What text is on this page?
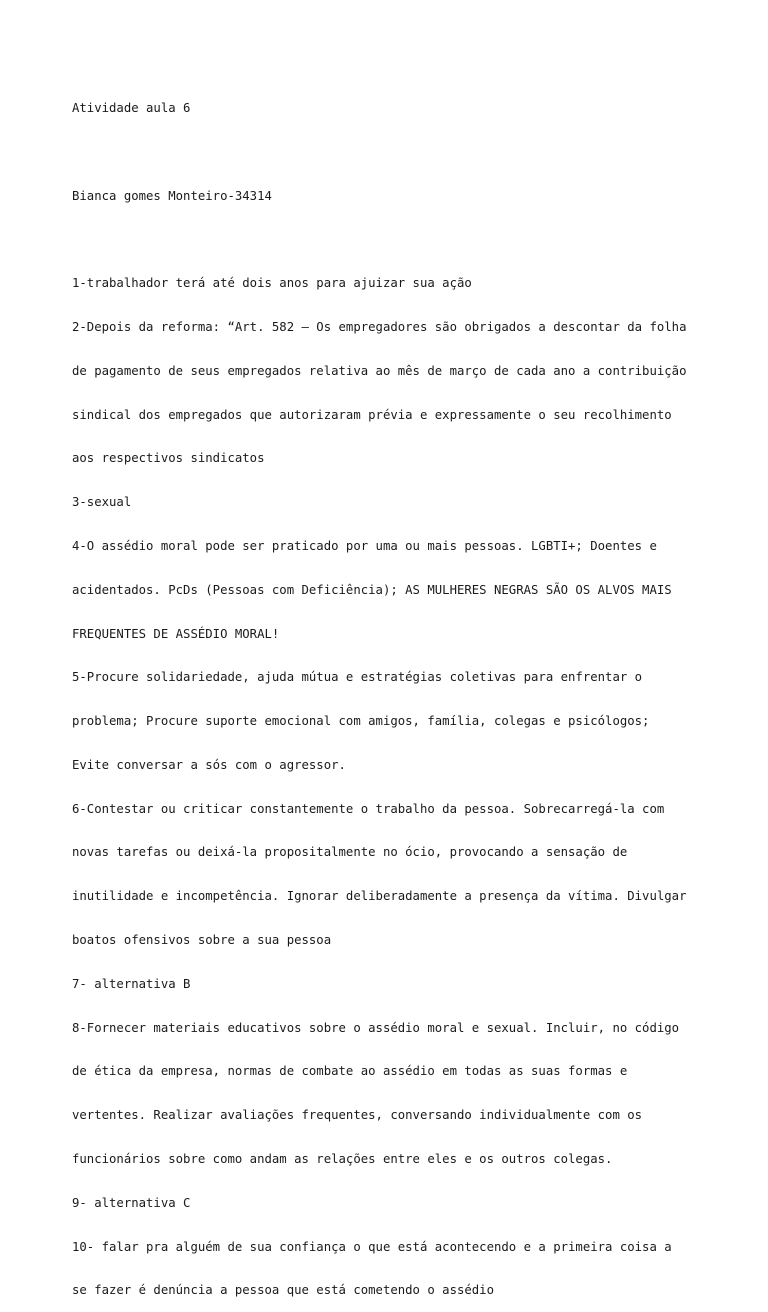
Atividade aula 6

Bianca gomes Monteiro-34314

1-trabalhador terá até dois anos para ajuizar sua ação

2-Depois da reforma: “Art. 582 – Os empregadores são obrigados a descontar da folha

de pagamento de seus empregados relativa ao mês de março de cada ano a contribuição

sindical dos empregados que autorizaram prévia e expressamente o seu recolhimento

aos respectivos sindicatos

3-sexual

4-O assédio moral pode ser praticado por uma ou mais pessoas. LGBTI+; Doentes e

acidentados. PcDs (Pessoas com Deficiência); AS MULHERES NEGRAS SÃO OS ALVOS MAIS

FREQUENTES DE ASSÉDIO MORAL!

5-Procure solidariedade, ajuda mútua e estratégias coletivas para enfrentar o

problema; Procure suporte emocional com amigos, família, colegas e psicólogos;

Evite conversar a sós com o agressor.

6-Contestar ou criticar constantemente o trabalho da pessoa. Sobrecarregá-la com

novas tarefas ou deixá-la propositalmente no ócio, provocando a sensação de

inutilidade e incompetência. Ignorar deliberadamente a presença da vítima. Divulgar

boatos ofensivos sobre a sua pessoa

7- alternativa B

8-Fornecer materiais educativos sobre o assédio moral e sexual. Incluir, no código

de ética da empresa, normas de combate ao assédio em todas as suas formas e

vertentes. Realizar avaliações frequentes, conversando individualmente com os

funcionários sobre como andam as relações entre eles e os outros colegas.

9- alternativa C

10- falar pra alguém de sua confiança o que está acontecendo e a primeira coisa a

se fazer é denúncia a pessoa que está cometendo o assédio
